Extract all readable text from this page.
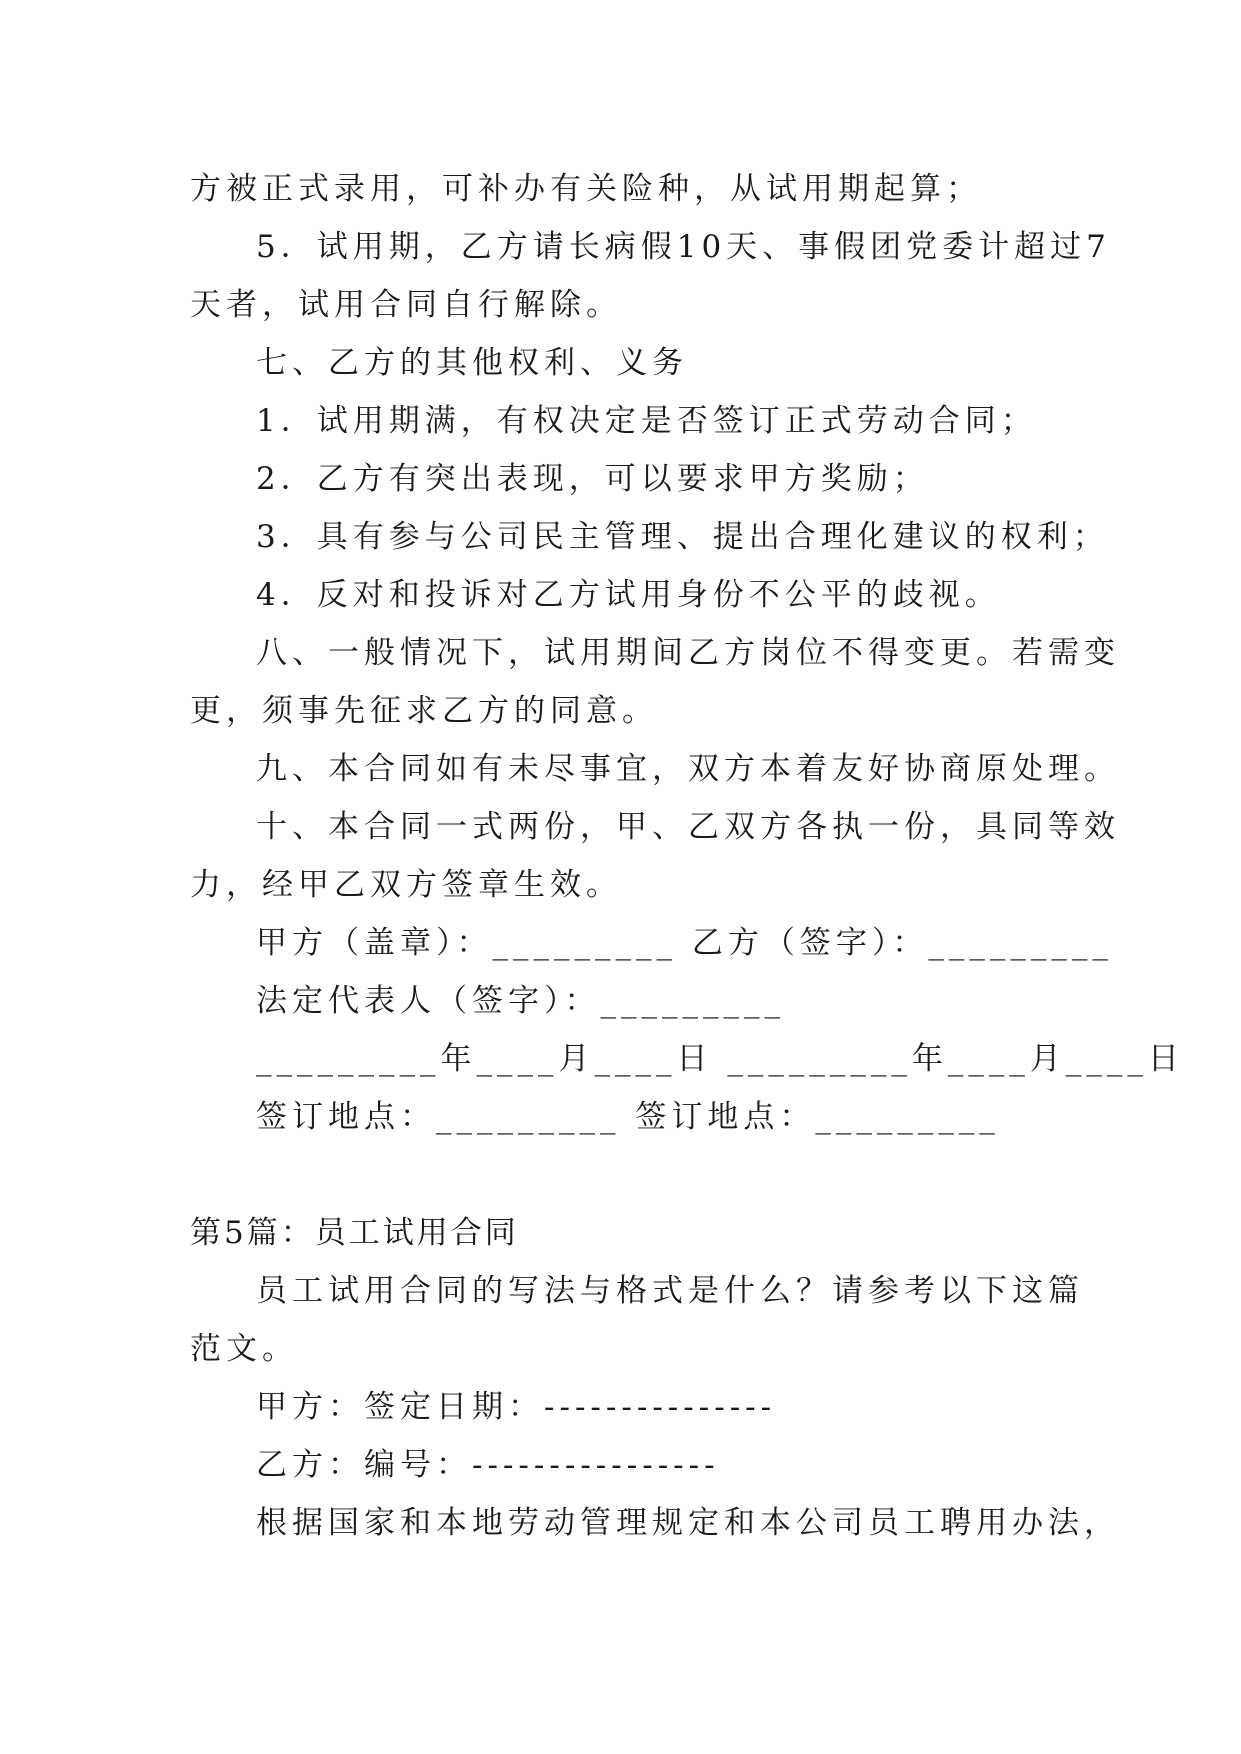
方被正式录用，可补办有关险种，从试用期起算；
5．试用期，乙方请长病假10天、事假团党委计超过7
天者，试用合同自行解除。
七、乙方的其他权利、义务
1．试用期满，有权决定是否签订正式劳动合同；
2．乙方有突出表现，可以要求甲方奖励；
3．具有参与公司民主管理、提出合理化建议的权利；
4．反对和投诉对乙方试用身份不公平的歧视。
八、一般情况下，试用期间乙方岗位不得变更。若需变
更，须事先征求乙方的同意。
九、本合同如有未尽事宜，双方本着友好协商原处理。
十、本合同一式两份，甲、乙双方各执一份，具同等效
力，经甲乙双方签章生效。
甲方（盖章）：_________ 乙方（签字）：_________
法定代表人（签字）：_________
_________年____月____日 _________年____月____日
签订地点：_________ 签订地点：_________
第5篇：员工试用合同
员工试用合同的写法与格式是什么？请参考以下这篇
范文。
甲方：签定日期：---------------
乙方：编号：----------------
根据国家和本地劳动管理规定和本公司员工聘用办法，
